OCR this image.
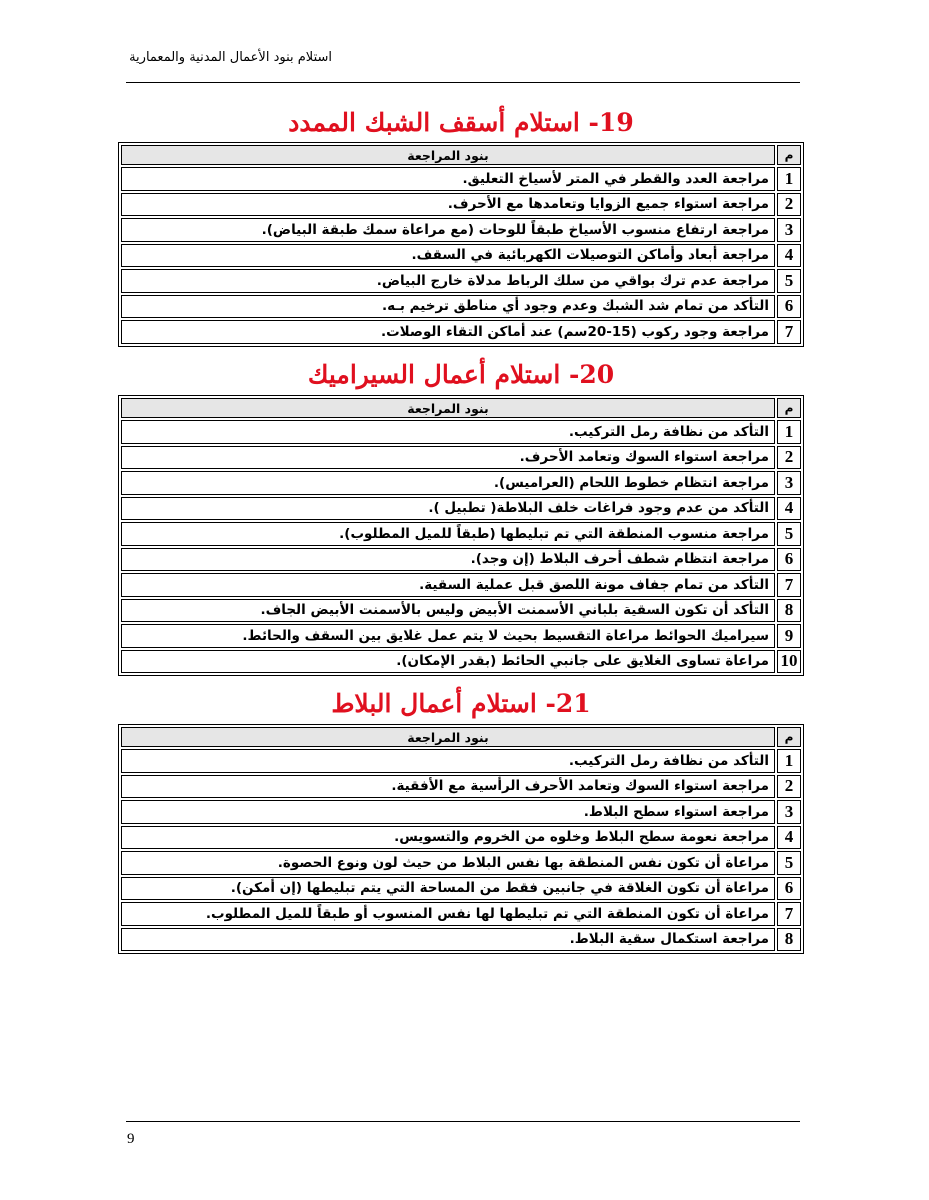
استلام بنود الأعمال المدنية والمعمارية
19- استلام أسقف الشبك الممدد
م	بنود المراجعة
1	مراجعة العدد والقطر في المتر لأسياخ التعليق.
2	مراجعة استواء جميع الزوايا وتعامدها مع الأحرف.
3	مراجعة ارتفاع منسوب الأسياخ طبقاً للوحات (مع مراعاة سمك طبقة البياض).
4	مراجعة أبعاد وأماكن التوصيلات الكهربائية في السقف.
5	مراجعة عدم ترك بواقي من سلك الرباط مدلاة خارج البياض.
6	التأكد من تمام شد الشبك وعدم وجود أي مناطق ترخيم بـه.
7	مراجعة وجود ركوب (15-20سم) عند أماكن التقاء الوصلات.
20- استلام أعمال السيراميك
م	بنود المراجعة
1	التأكد من نظافة رمل التركيب.
2	مراجعة استواء السوك وتعامد الأحرف.
3	مراجعة انتظام خطوط اللحام (العراميس).
4	التأكد من عدم وجود فراغات خلف البلاطة( تطبيل ).
5	مراجعة منسوب المنطقة التي تم تبليطها (طبقاً للميل المطلوب).
6	مراجعة انتظام شطف أحرف البلاط (إن وجد).
7	التأكد من تمام جفاف مونة اللصق قبل عملية السقية.
8	التأكد أن تكون السقية بلباني الأسمنت الأبيض وليس بالأسمنت الأبيض الجاف.
9	سيراميك الحوائط مراعاة التقسيط بحيث لا يتم عمل غلايق بين السقف والحائط.
10	مراعاة تساوى الغلايق على جانبي الحائط (بقدر الإمكان).
21- استلام أعمال البلاط
م	بنود المراجعة
1	التأكد من نظافة رمل التركيب.
2	مراجعة استواء السوك وتعامد الأحرف الرأسية مع الأفقية.
3	مراجعة استواء سطح البلاط.
4	مراجعة نعومة سطح البلاط وخلوه من الخروم والتسويس.
5	مراعاة أن تكون نفس المنطقة بها نفس البلاط من حيث لون ونوع الحصوة.
6	مراعاة أن تكون الغلاقة في جانبين فقط من المساحة التي يتم تبليطها (إن أمكن).
7	مراعاة أن تكون المنطقة التي تم تبليطها لها نفس المنسوب أو طبقاً للميل المطلوب.
8	مراجعة استكمال سقية البلاط.
9
